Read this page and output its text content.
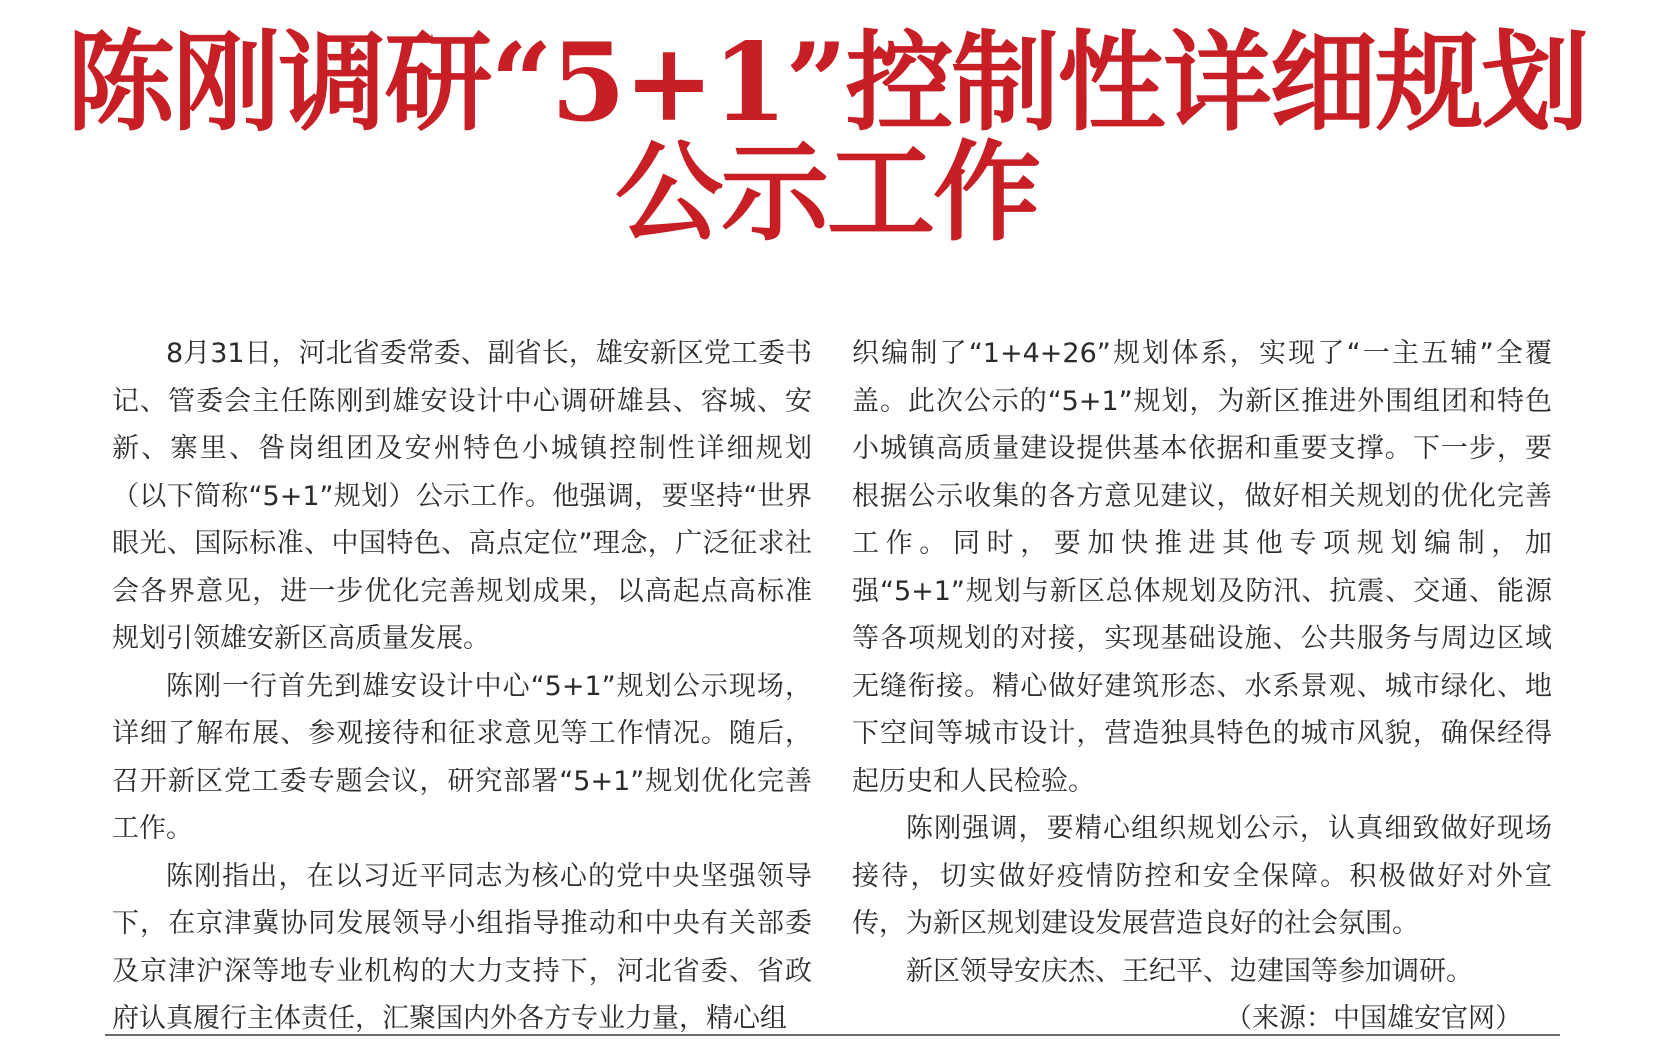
陈刚调研“5+1”控制性详细规划
公示工作

8月31日，河北省委常委、副省长，雄安新区党工委书记、管委会主任陈刚到雄安设计中心调研雄县、容城、安新、寨里、昝岗组团及安州特色小城镇控制性详细规划（以下简称“5+1”规划）公示工作。他强调，要坚持“世界眼光、国际标准、中国特色、高点定位”理念，广泛征求社会各界意见，进一步优化完善规划成果，以高起点高标准规划引领雄安新区高质量发展。

陈刚一行首先到雄安设计中心“5+1”规划公示现场，详细了解布展、参观接待和征求意见等工作情况。随后，召开新区党工委专题会议，研究部署“5+1”规划优化完善工作。

陈刚指出，在以习近平同志为核心的党中央坚强领导下，在京津冀协同发展领导小组指导推动和中央有关部委及京津沪深等地专业机构的大力支持下，河北省委、省政府认真履行主体责任，汇聚国内外各方专业力量，精心组

织编制了“1+4+26”规划体系，实现了“一主五辅”全覆盖。此次公示的“5+1”规划，为新区推进外围组团和特色小城镇高质量建设提供基本依据和重要支撑。下一步，要根据公示收集的各方意见建议，做好相关规划的优化完善工作。同时，要加快推进其他专项规划编制，加强“5+1”规划与新区总体规划及防汛、抗震、交通、能源等各项规划的对接，实现基础设施、公共服务与周边区域无缝衔接。精心做好建筑形态、水系景观、城市绿化、地下空间等城市设计，营造独具特色的城市风貌，确保经得起历史和人民检验。

陈刚强调，要精心组织规划公示，认真细致做好现场接待，切实做好疫情防控和安全保障。积极做好对外宣传，为新区规划建设发展营造良好的社会氛围。

新区领导安庆杰、王纪平、边建国等参加调研。

（来源：中国雄安官网）
